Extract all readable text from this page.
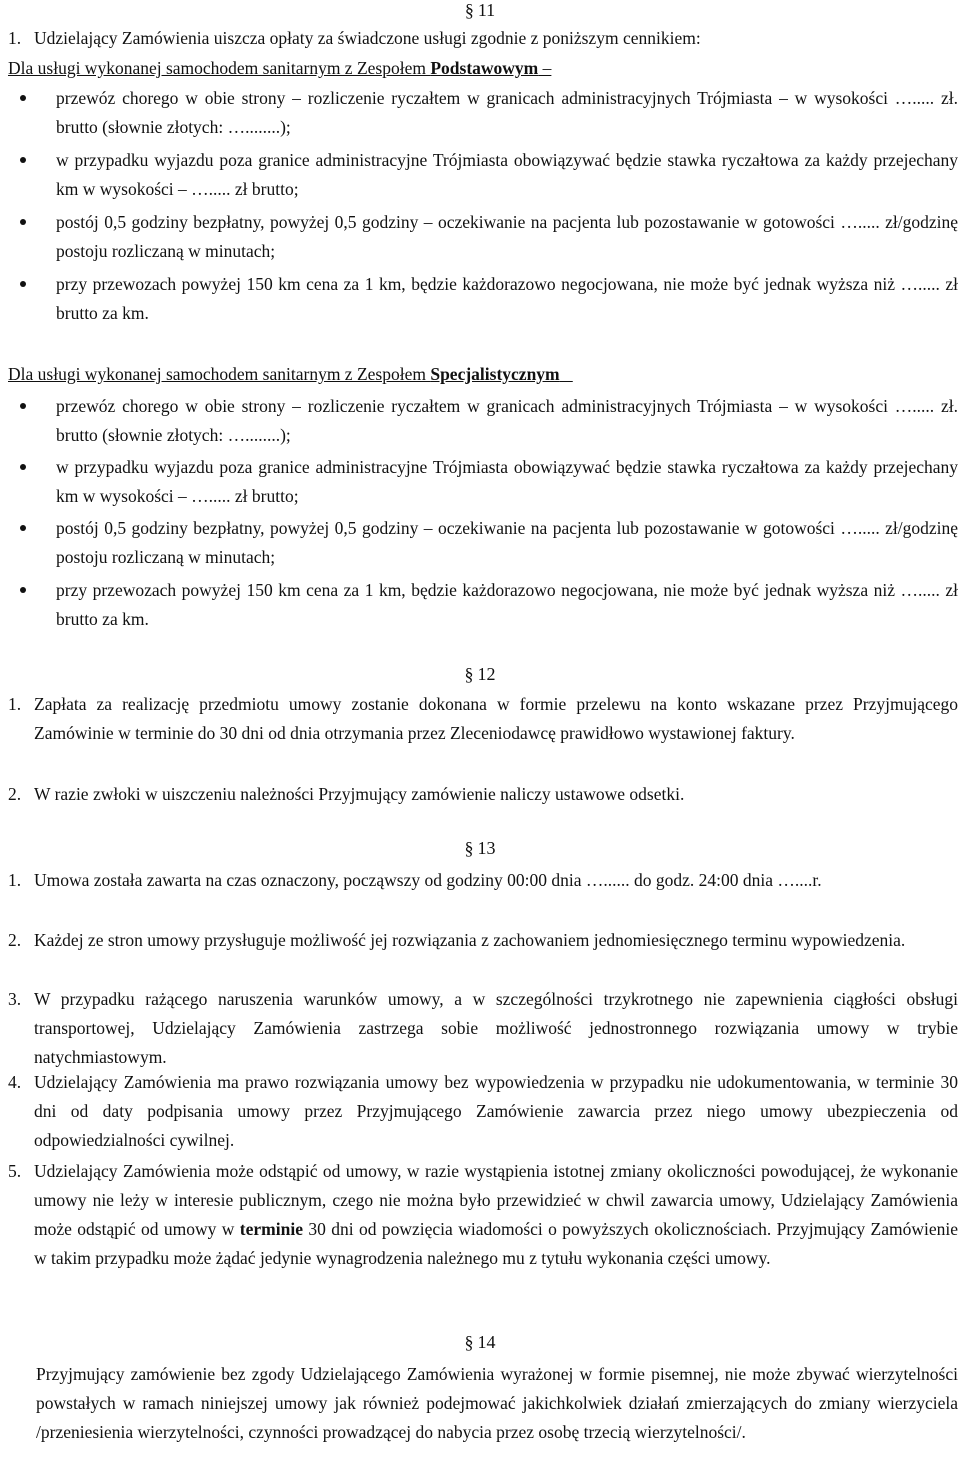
§ 11
1. Udzielający Zamówienia uiszcza opłaty za świadczone usługi zgodnie z poniższym cennikiem:
Dla usługi wykonanej samochodem sanitarnym z Zespołem Podstawowym –
przewóz chorego w obie strony – rozliczenie ryczałtem w granicach administracyjnych Trójmiasta – w wysokości …..... zł. brutto (słownie złotych: …........);
w przypadku wyjazdu poza granice administracyjne Trójmiasta obowiązywać będzie stawka ryczałtowa za każdy przejechany km w wysokości – …..... zł brutto;
postój 0,5 godziny bezpłatny, powyżej 0,5 godziny – oczekiwanie na pacjenta lub pozostawanie w gotowości …..... zł/godzinę postoju rozliczaną w minutach;
przy przewozach powyżej 150 km cena za 1 km, będzie każdorazowo negocjowana, nie może być jednak wyższa niż …..... zł brutto za km.
Dla usługi wykonanej samochodem sanitarnym z Zespołem Specjalistycznym
przewóz chorego w obie strony – rozliczenie ryczałtem w granicach administracyjnych Trójmiasta – w wysokości …..... zł. brutto (słownie złotych: …........);
w przypadku wyjazdu poza granice administracyjne Trójmiasta obowiązywać będzie stawka ryczałtowa za każdy przejechany km w wysokości – …..... zł brutto;
postój 0,5 godziny bezpłatny, powyżej 0,5 godziny – oczekiwanie na pacjenta lub pozostawanie w gotowości …..... zł/godzinę postoju rozliczaną w minutach;
przy przewozach powyżej 150 km cena za 1 km, będzie każdorazowo negocjowana, nie może być jednak wyższa niż …..... zł brutto za km.
§ 12
1. Zapłata za realizację przedmiotu umowy zostanie dokonana w formie przelewu na konto wskazane przez Przyjmującego Zamówinie w terminie do 30 dni od dnia otrzymania przez Zleceniodawcę prawidłowo wystawionej faktury.
2. W razie zwłoki w uiszczeniu należności Przyjmujący zamówienie naliczy ustawowe odsetki.
§ 13
1. Umowa została zawarta na czas oznaczony, począwszy od godziny 00:00 dnia …...... do godz. 24:00 dnia …....r.
2. Każdej ze stron umowy przysługuje możliwość jej rozwiązania z zachowaniem jednomiesięcznego terminu wypowiedzenia.
3. W przypadku rażącego naruszenia warunków umowy, a w szczególności trzykrotnego nie zapewnienia ciągłości obsługi transportowej, Udzielający Zamówienia zastrzega sobie możliwość jednostronnego rozwiązania umowy w trybie natychmiastowym.
4. Udzielający Zamówienia ma prawo rozwiązania umowy bez wypowiedzenia w przypadku nie udokumentowania, w terminie 30 dni od daty podpisania umowy przez Przyjmującego Zamówienie zawarcia przez niego umowy ubezpieczenia od odpowiedzialności cywilnej.
5. Udzielający Zamówienia może odstąpić od umowy, w razie wystąpienia istotnej zmiany okoliczności powodującej, że wykonanie umowy nie leży w interesie publicznym, czego nie można było przewidzieć w chwil zawarcia umowy, Udzielający Zamówienia może odstąpić od umowy w terminie 30 dni od powzięcia wiadomości o powyższych okolicznościach. Przyjmujący Zamówienie w takim przypadku może żądać jedynie wynagrodzenia należnego mu z tytułu wykonania części umowy.
§ 14
Przyjmujący zamówienie bez zgody Udzielającego Zamówienia wyrażonej w formie pisemnej, nie może zbywać wierzytelności powstałych w ramach niniejszej umowy jak również podejmować jakichkolwiek działań zmierzających do zmiany wierzyciela /przeniesienia wierzytelności, czynności prowadzącej do nabycia przez osobę trzecią wierzytelności/.
